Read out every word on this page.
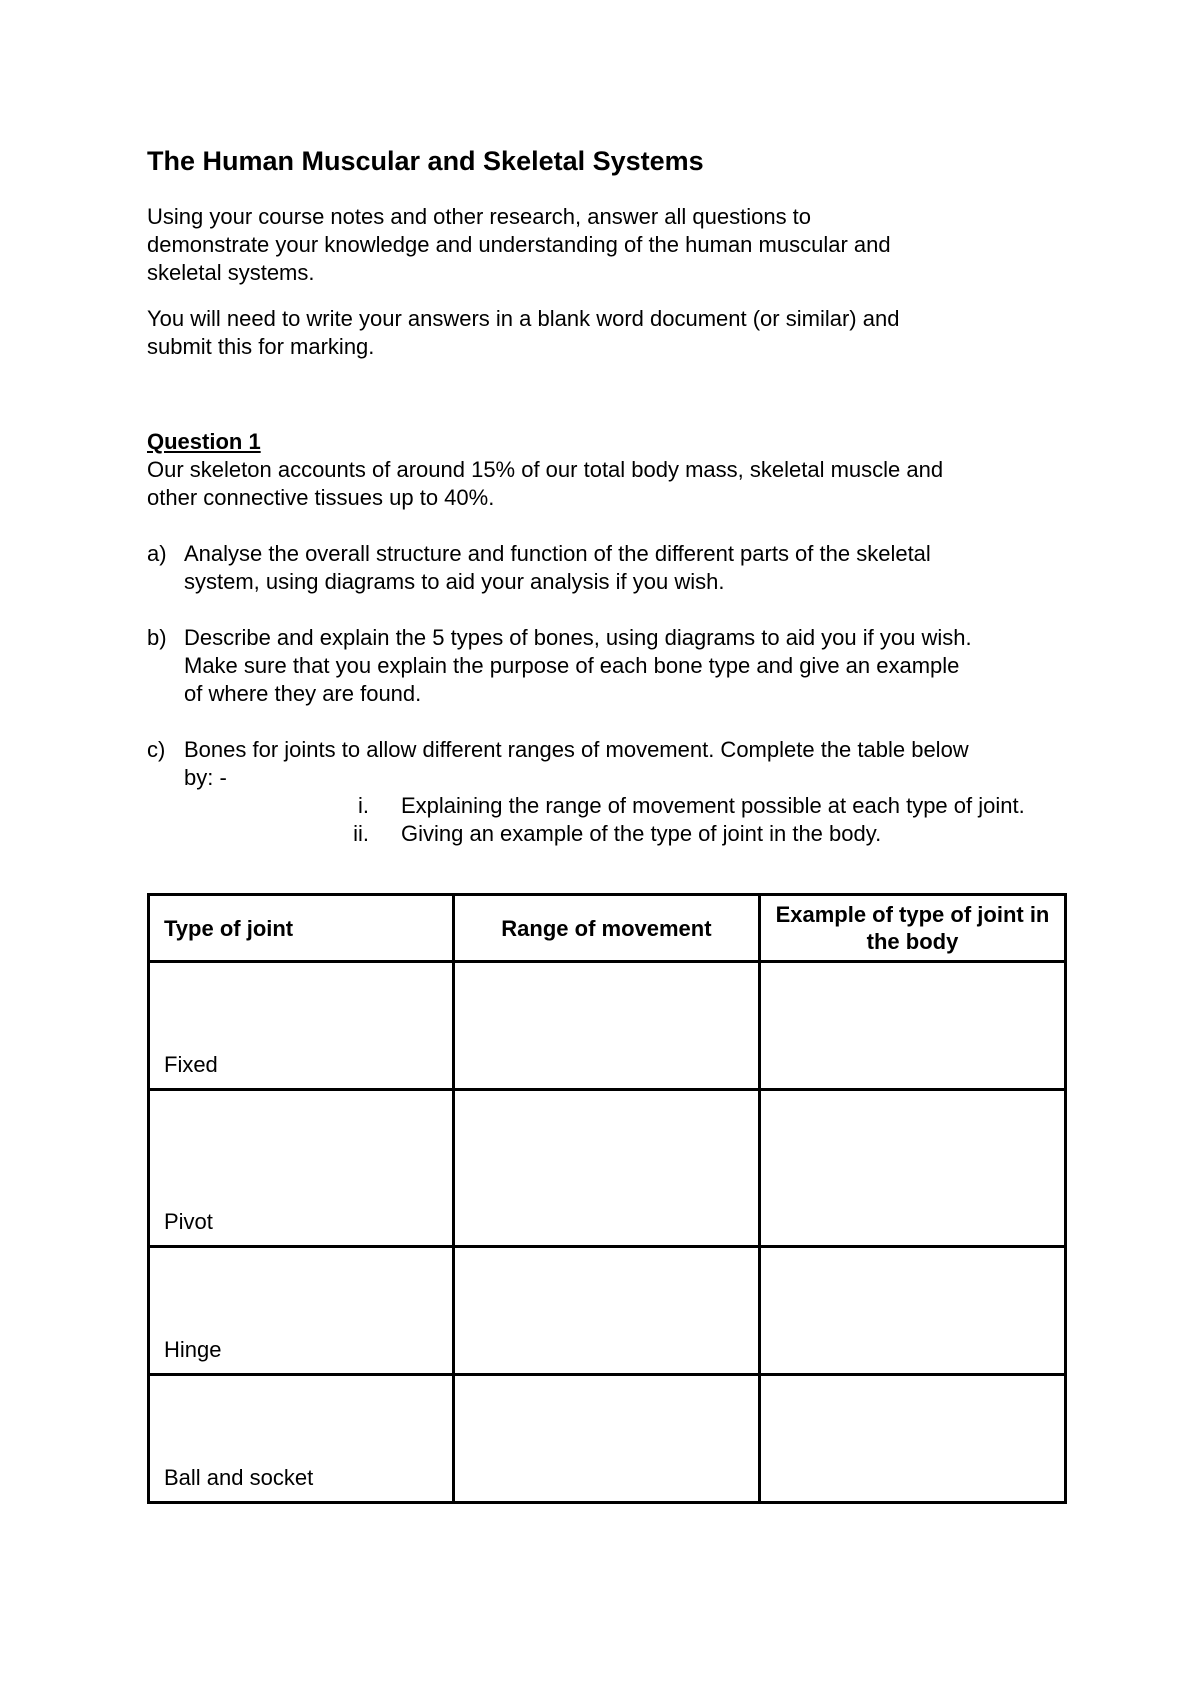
The Human Muscular and Skeletal Systems

Using your course notes and other research, answer all questions to
demonstrate your knowledge and understanding of the human muscular and
skeletal systems.

You will need to write your answers in a blank word document (or similar) and
submit this for marking.

Question 1

Our skeleton accounts of around 15% of our total body mass, skeletal muscle and
other connective tissues up to 40%.

a) Analyse the overall structure and function of the different parts of the skeletal
system, using diagrams to aid your analysis if you wish.
b) Describe and explain the 5 types of bones, using diagrams to aid you if you wish.
Make sure that you explain the purpose of each bone type and give an example
of where they are found.
c) Bones for joints to allow different ranges of movement. Complete the table below
by: -
i. Explaining the range of movement possible at each type of joint.
ii. Giving an example of the type of joint in the body.
Type of joint	Range of movement	Example of type of joint in the body
Fixed		
Pivot		
Hinge		
Ball and socket		
